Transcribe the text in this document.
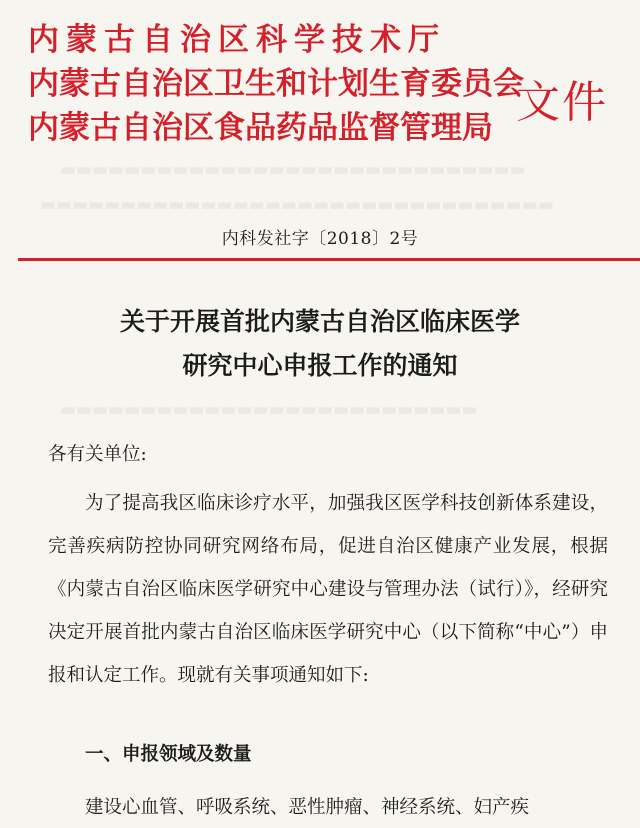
▬▬▬▬▬▬▬▬▬▬▬▬▬▬▬▬▬▬▬▬▬▬▬▬▬▬▬▬▬
▬▬▬▬▬▬▬▬▬▬▬▬▬▬▬▬▬▬▬▬▬▬▬▬▬▬▬▬▬▬▬▬
▬▬▬▬▬▬▬▬▬▬▬▬▬▬▬▬▬▬▬▬▬▬▬▬▬▬
内蒙古自治区科学技术厅
内蒙古自治区卫生和计划生育委员会
内蒙古自治区食品药品监督管理局 文件
内科发社字〔2018〕2号
关于开展首批内蒙古自治区临床医学
研究中心申报工作的通知
各有关单位:
为了提高我区临床诊疗水平，加强我区医学科技创新体系建设，完善疾病防控协同研究网络布局，促进自治区健康产业发展，根据《内蒙古自治区临床医学研究中心建设与管理办法（试行）》，经研究决定开展首批内蒙古自治区临床医学研究中心（以下简称“中心”）申报和认定工作。现就有关事项通知如下:
一、申报领域及数量
建设心血管、呼吸系统、恶性肿瘤、神经系统、妇产疾
